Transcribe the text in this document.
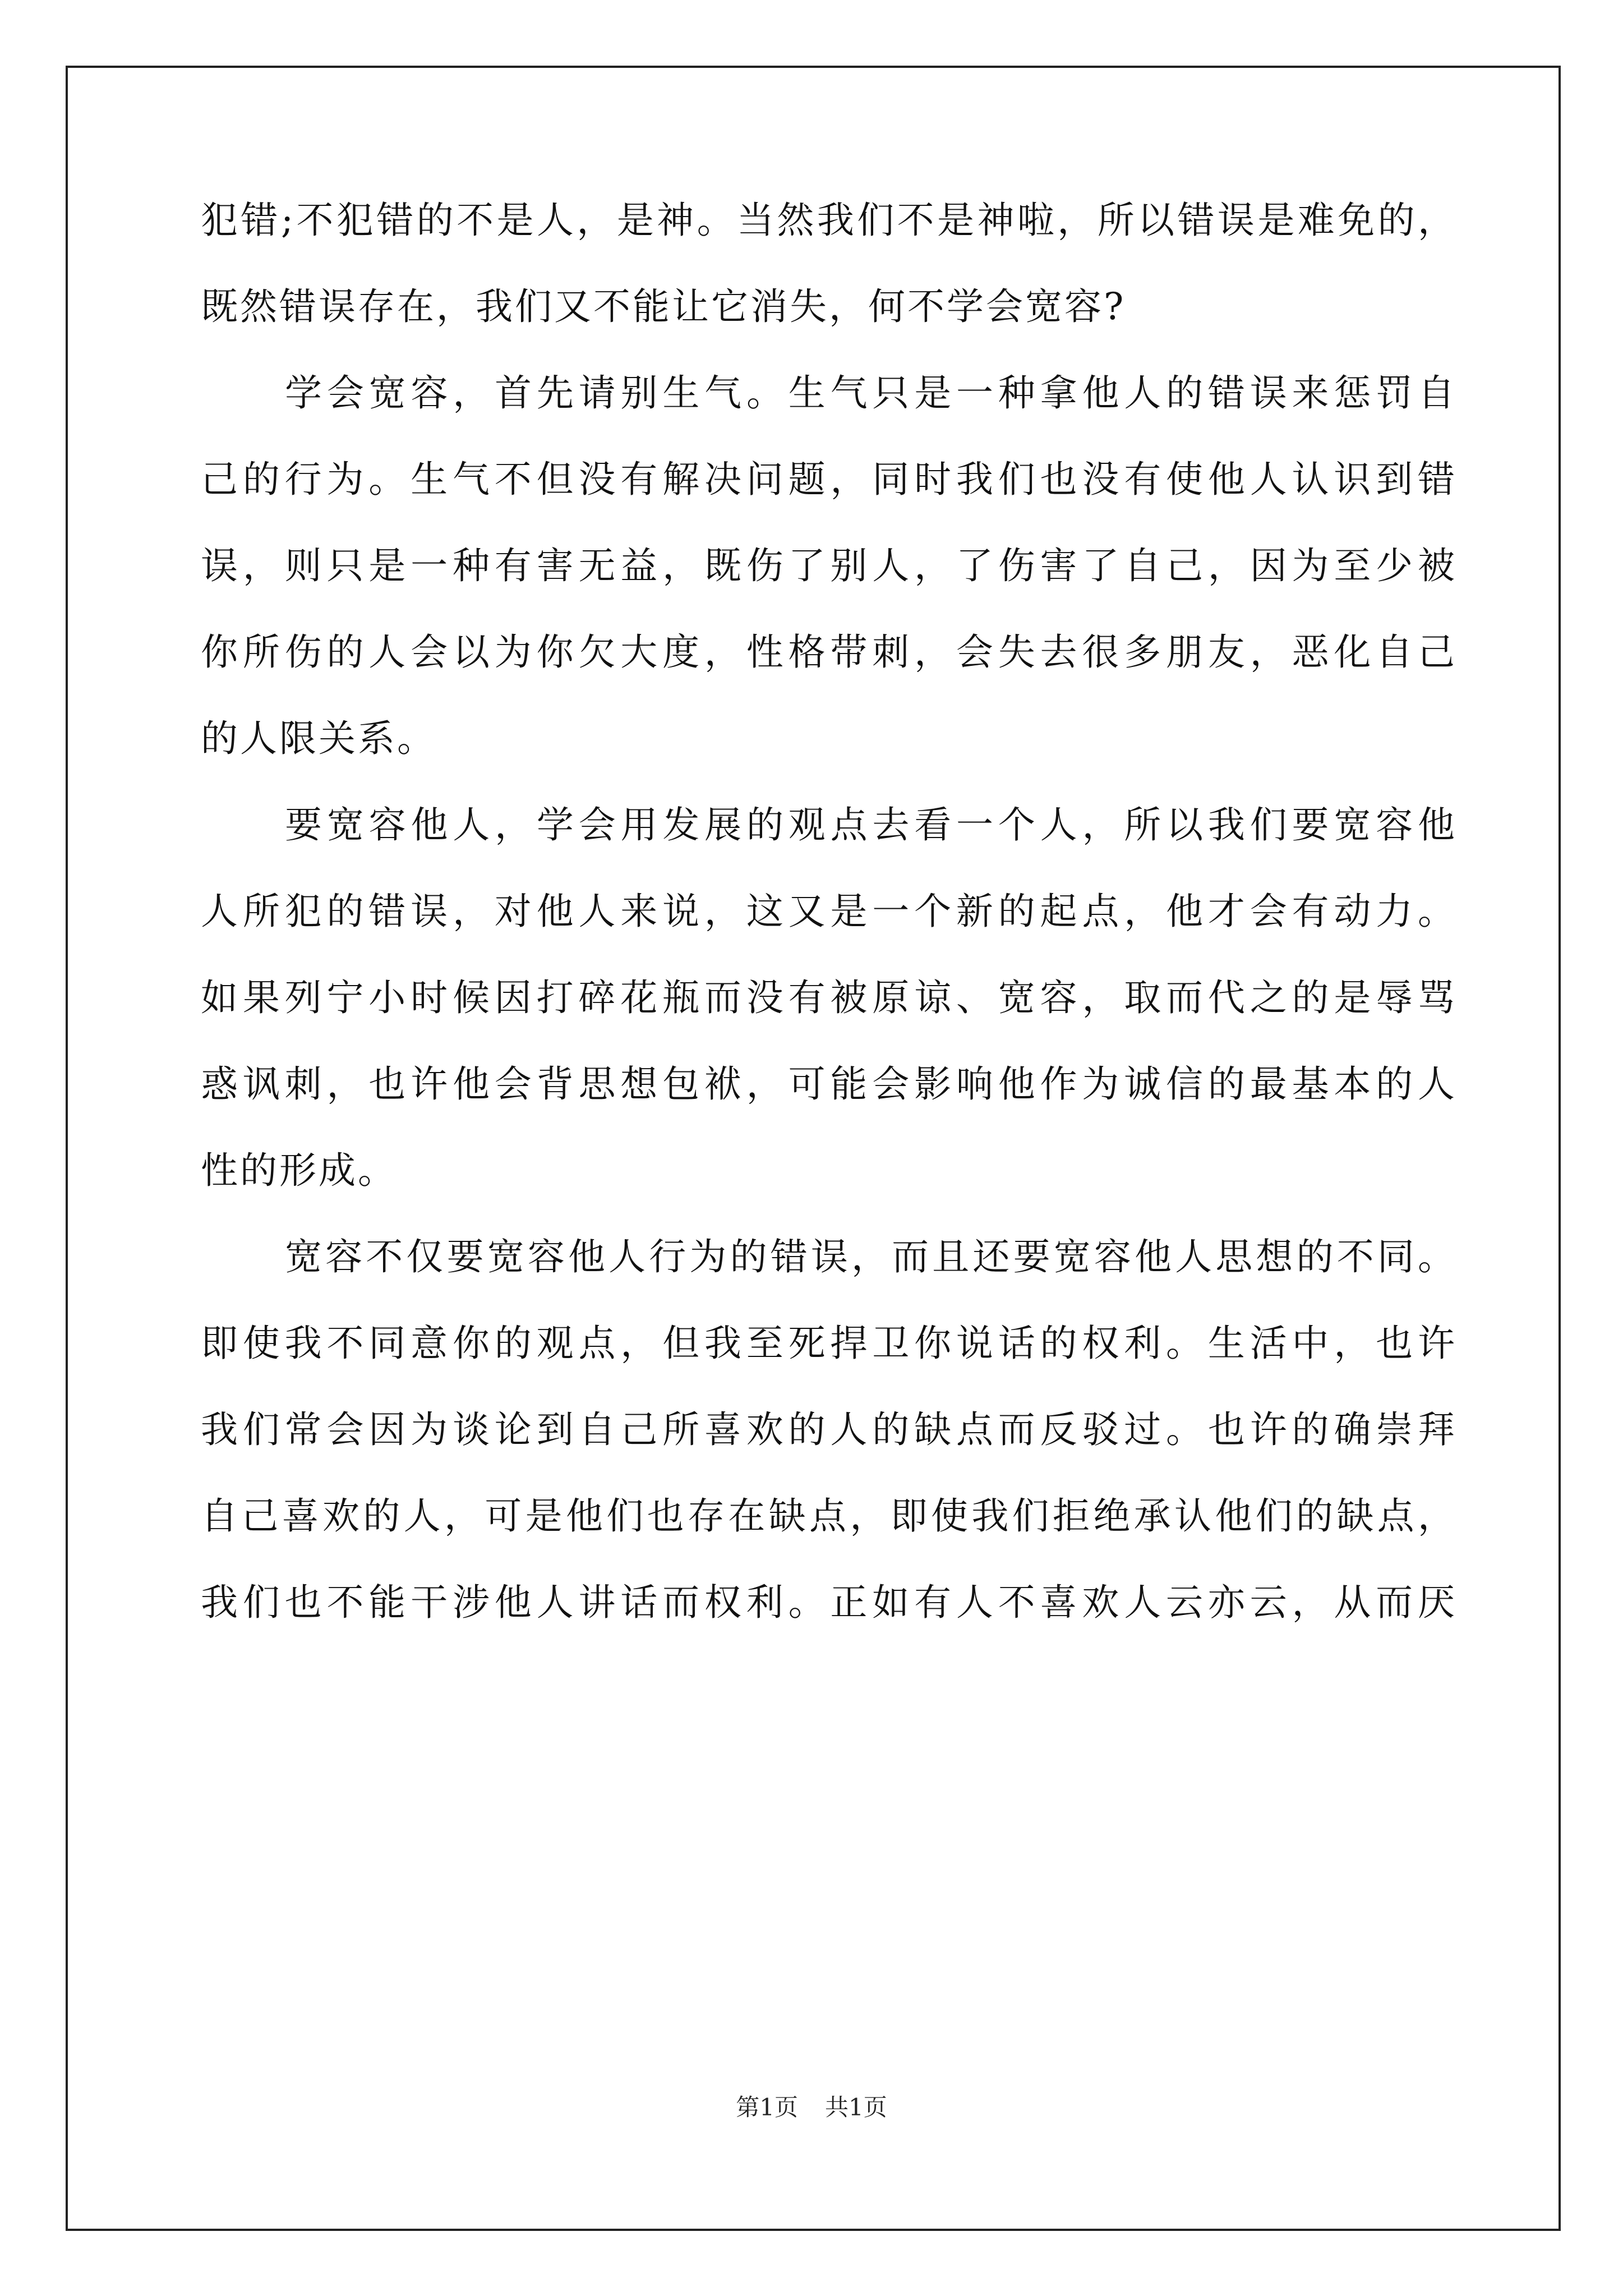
犯错;不犯错的不是人，是神。当然我们不是神啦，所以错误是难免的，
既然错误存在，我们又不能让它消失，何不学会宽容?
学会宽容，首先请别生气。生气只是一种拿他人的错误来惩罚自
己的行为。生气不但没有解决问题，同时我们也没有使他人认识到错
误，则只是一种有害无益，既伤了别人，了伤害了自己，因为至少被
你所伤的人会以为你欠大度，性格带刺，会失去很多朋友，恶化自己
的人限关系。
要宽容他人，学会用发展的观点去看一个人，所以我们要宽容他
人所犯的错误，对他人来说，这又是一个新的起点，他才会有动力。
如果列宁小时候因打碎花瓶而没有被原谅、宽容，取而代之的是辱骂
惑讽刺，也许他会背思想包袱，可能会影响他作为诚信的最基本的人
性的形成。
宽容不仅要宽容他人行为的错误，而且还要宽容他人思想的不同。
即使我不同意你的观点，但我至死捍卫你说话的权利。生活中，也许
我们常会因为谈论到自己所喜欢的人的缺点而反驳过。也许的确崇拜
自己喜欢的人，可是他们也存在缺点，即使我们拒绝承认他们的缺点，
我们也不能干涉他人讲话而权利。正如有人不喜欢人云亦云，从而厌
第1页 共1页
